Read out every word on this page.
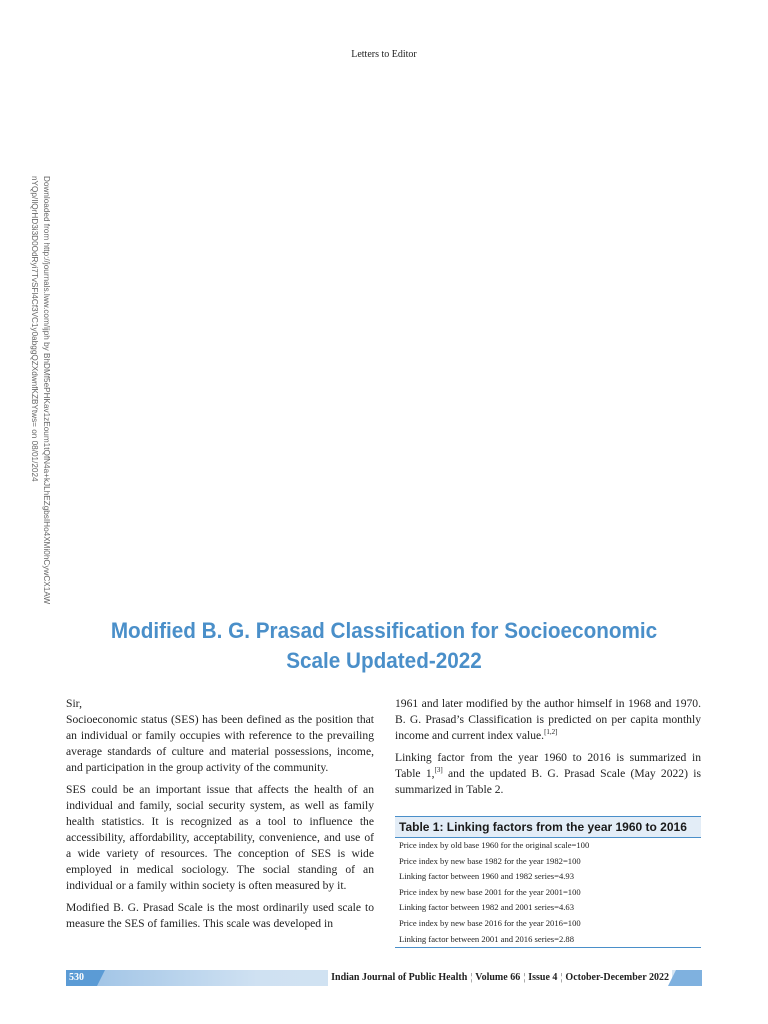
Letters to Editor
Downloaded from http://journals.lww.com/ijph by BhDMf5ePHKav1zEoum1tQfN4a+kJLhEZgbsIHo4XMi0hCywCX1AW
nYQp/IlQrHD3i3D0OdRyi7TvSFl4Cf3VC1y0abggQZXdwnfKZBYtws= on 08/01/2024
Modified B. G. Prasad Classification for Socioeconomic Scale Updated-2022

Sir,

Socioeconomic status (SES) has been defined as the position that an individual or family occupies with reference to the prevailing average standards of culture and material possessions, income, and participation in the group activity of the community.

SES could be an important issue that affects the health of an individual and family, social security system, as well as family health statistics. It is recognized as a tool to influence the accessibility, affordability, acceptability, convenience, and use of a wide variety of resources. The conception of SES is wide employed in medical sociology. The social standing of an individual or a family within society is often measured by it.

Modified B. G. Prasad Scale is the most ordinarily used scale to measure the SES of families. This scale was developed in

1961 and later modified by the author himself in 1968 and 1970. B. G. Prasad’s Classification is predicted on per capita monthly income and current index value.[1,2]

Linking factor from the year 1960 to 2016 is summarized in Table 1,[3] and the updated B. G. Prasad Scale (May 2022) is summarized in Table 2.

Table 1: Linking factors from the year 1960 to 2016
Price index by old base 1960 for the original scale=100
Price index by new base 1982 for the year 1982=100
Linking factor between 1960 and 1982 series=4.93
Price index by new base 2001 for the year 2001=100
Linking factor between 1982 and 2001 series=4.63
Price index by new base 2016 for the year 2016=100
Linking factor between 2001 and 2016 series=2.88
530	Indian Journal of Public Health ¦ Volume 66 ¦ Issue 4 ¦ October-December 2022
